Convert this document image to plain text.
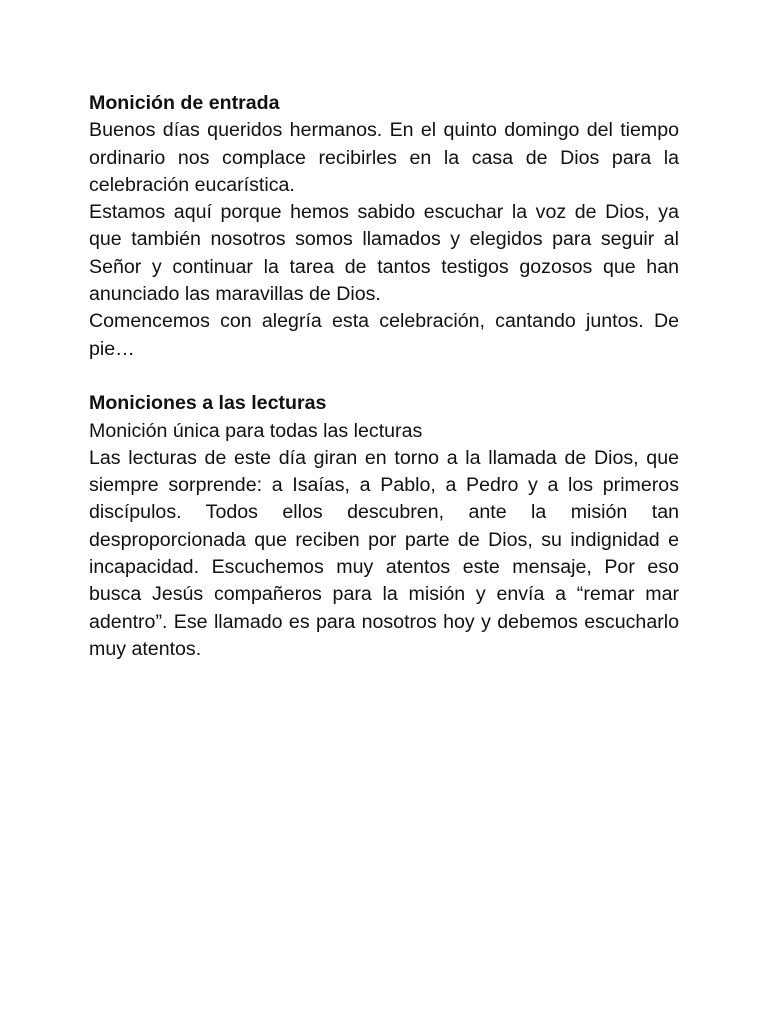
Monición de entrada

Buenos días queridos hermanos. En el quinto domingo del tiempo ordinario nos complace recibirles en la casa de Dios para la celebración eucarística.

Estamos aquí porque hemos sabido escuchar la voz de Dios, ya que también nosotros somos llamados y elegidos para seguir al Señor y continuar la tarea de tantos testigos gozosos que han anunciado las maravillas de Dios.

Comencemos con alegría esta celebración, cantando juntos. De pie…

Moniciones a las lecturas

Monición única para todas las lecturas

Las lecturas de este día giran en torno a la llamada de Dios, que siempre sorprende: a Isaías, a Pablo, a Pedro y a los primeros discípulos. Todos ellos descubren, ante la misión tan desproporcionada que reciben por parte de Dios, su indignidad e incapacidad. Escuchemos muy atentos este mensaje, Por eso busca Jesús compañeros para la misión y envía a “remar mar adentro”. Ese llamado es para nosotros hoy y debemos escucharlo muy atentos.
